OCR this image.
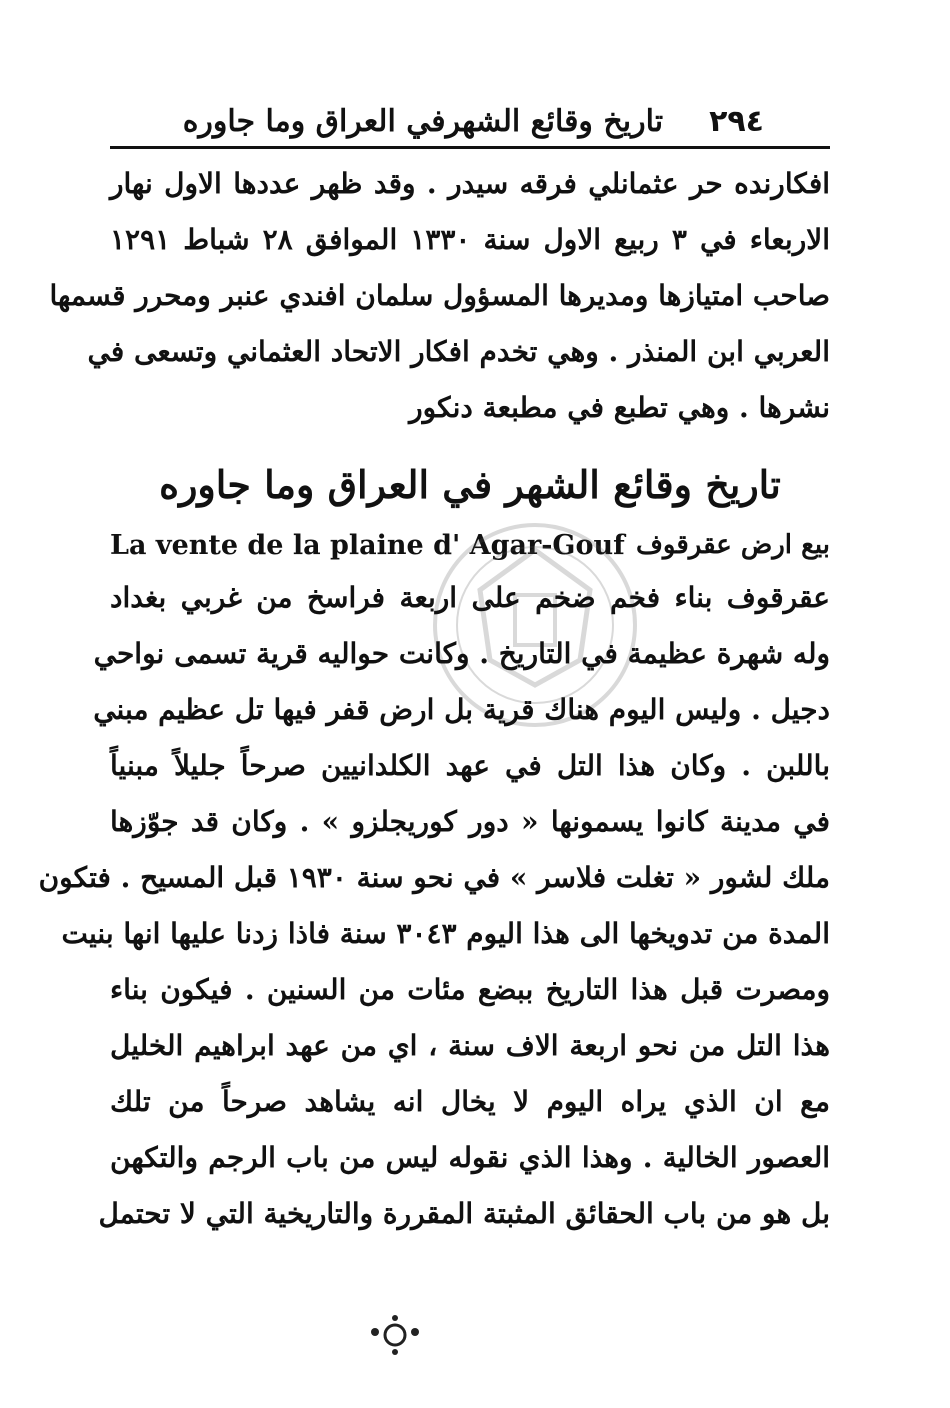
٢٩٤
تاريخ وقائع الشهرفي العراق وما جاوره
افكارنده حر عثمانلي فرقه سيدر . وقد ظهر عددها الاول نهار
الاربعاء في ٣ ربيع الاول سنة ١٣٣٠ الموافق ٢٨ شباط ١٢٩١
صاحب امتيازها ومديرها المسؤول سلمان افندي عنبر ومحرر قسمها
العربي ابن المنذر . وهي تخدم افكار الاتحاد العثماني وتسعى في
نشرها . وهي تطبع في مطبعة دنكور
تاريخ وقائع الشهر في العراق وما جاوره
La vente de la plaine d' Agar-Gouf بيع ارض عقرقوف
عقرقوف بناء فخم ضخم على اربعة فراسخ من غربي بغداد
وله شهرة عظيمة في التاريخ . وكانت حواليه قرية تسمى نواحي
دجيل . وليس اليوم هناك قرية بل ارض قفر فيها تل عظيم مبني
باللبن . وكان هذا التل في عهد الكلدانيين صرحاً جليلاً مبنياً
في مدينة كانوا يسمونها « دور كوريجلزو » . وكان قد جوّزها
ملك لشور « تغلت فلاسر » في نحو سنة ١٩٣٠ قبل المسيح . فتكون
المدة من تدويخها الى هذا اليوم ٣٠٤٣ سنة فاذا زدنا عليها انها بنيت
ومصرت قبل هذا التاريخ ببضع مئات من السنين . فيكون بناء
هذا التل من نحو اربعة الاف سنة ، اي من عهد ابراهيم الخليل
مع ان الذي يراه اليوم لا يخال انه يشاهد صرحاً من تلك
العصور الخالية . وهذا الذي نقوله ليس من باب الرجم والتكهن
بل هو من باب الحقائق المثبتة المقررة والتاريخية التي لا تحتمل
